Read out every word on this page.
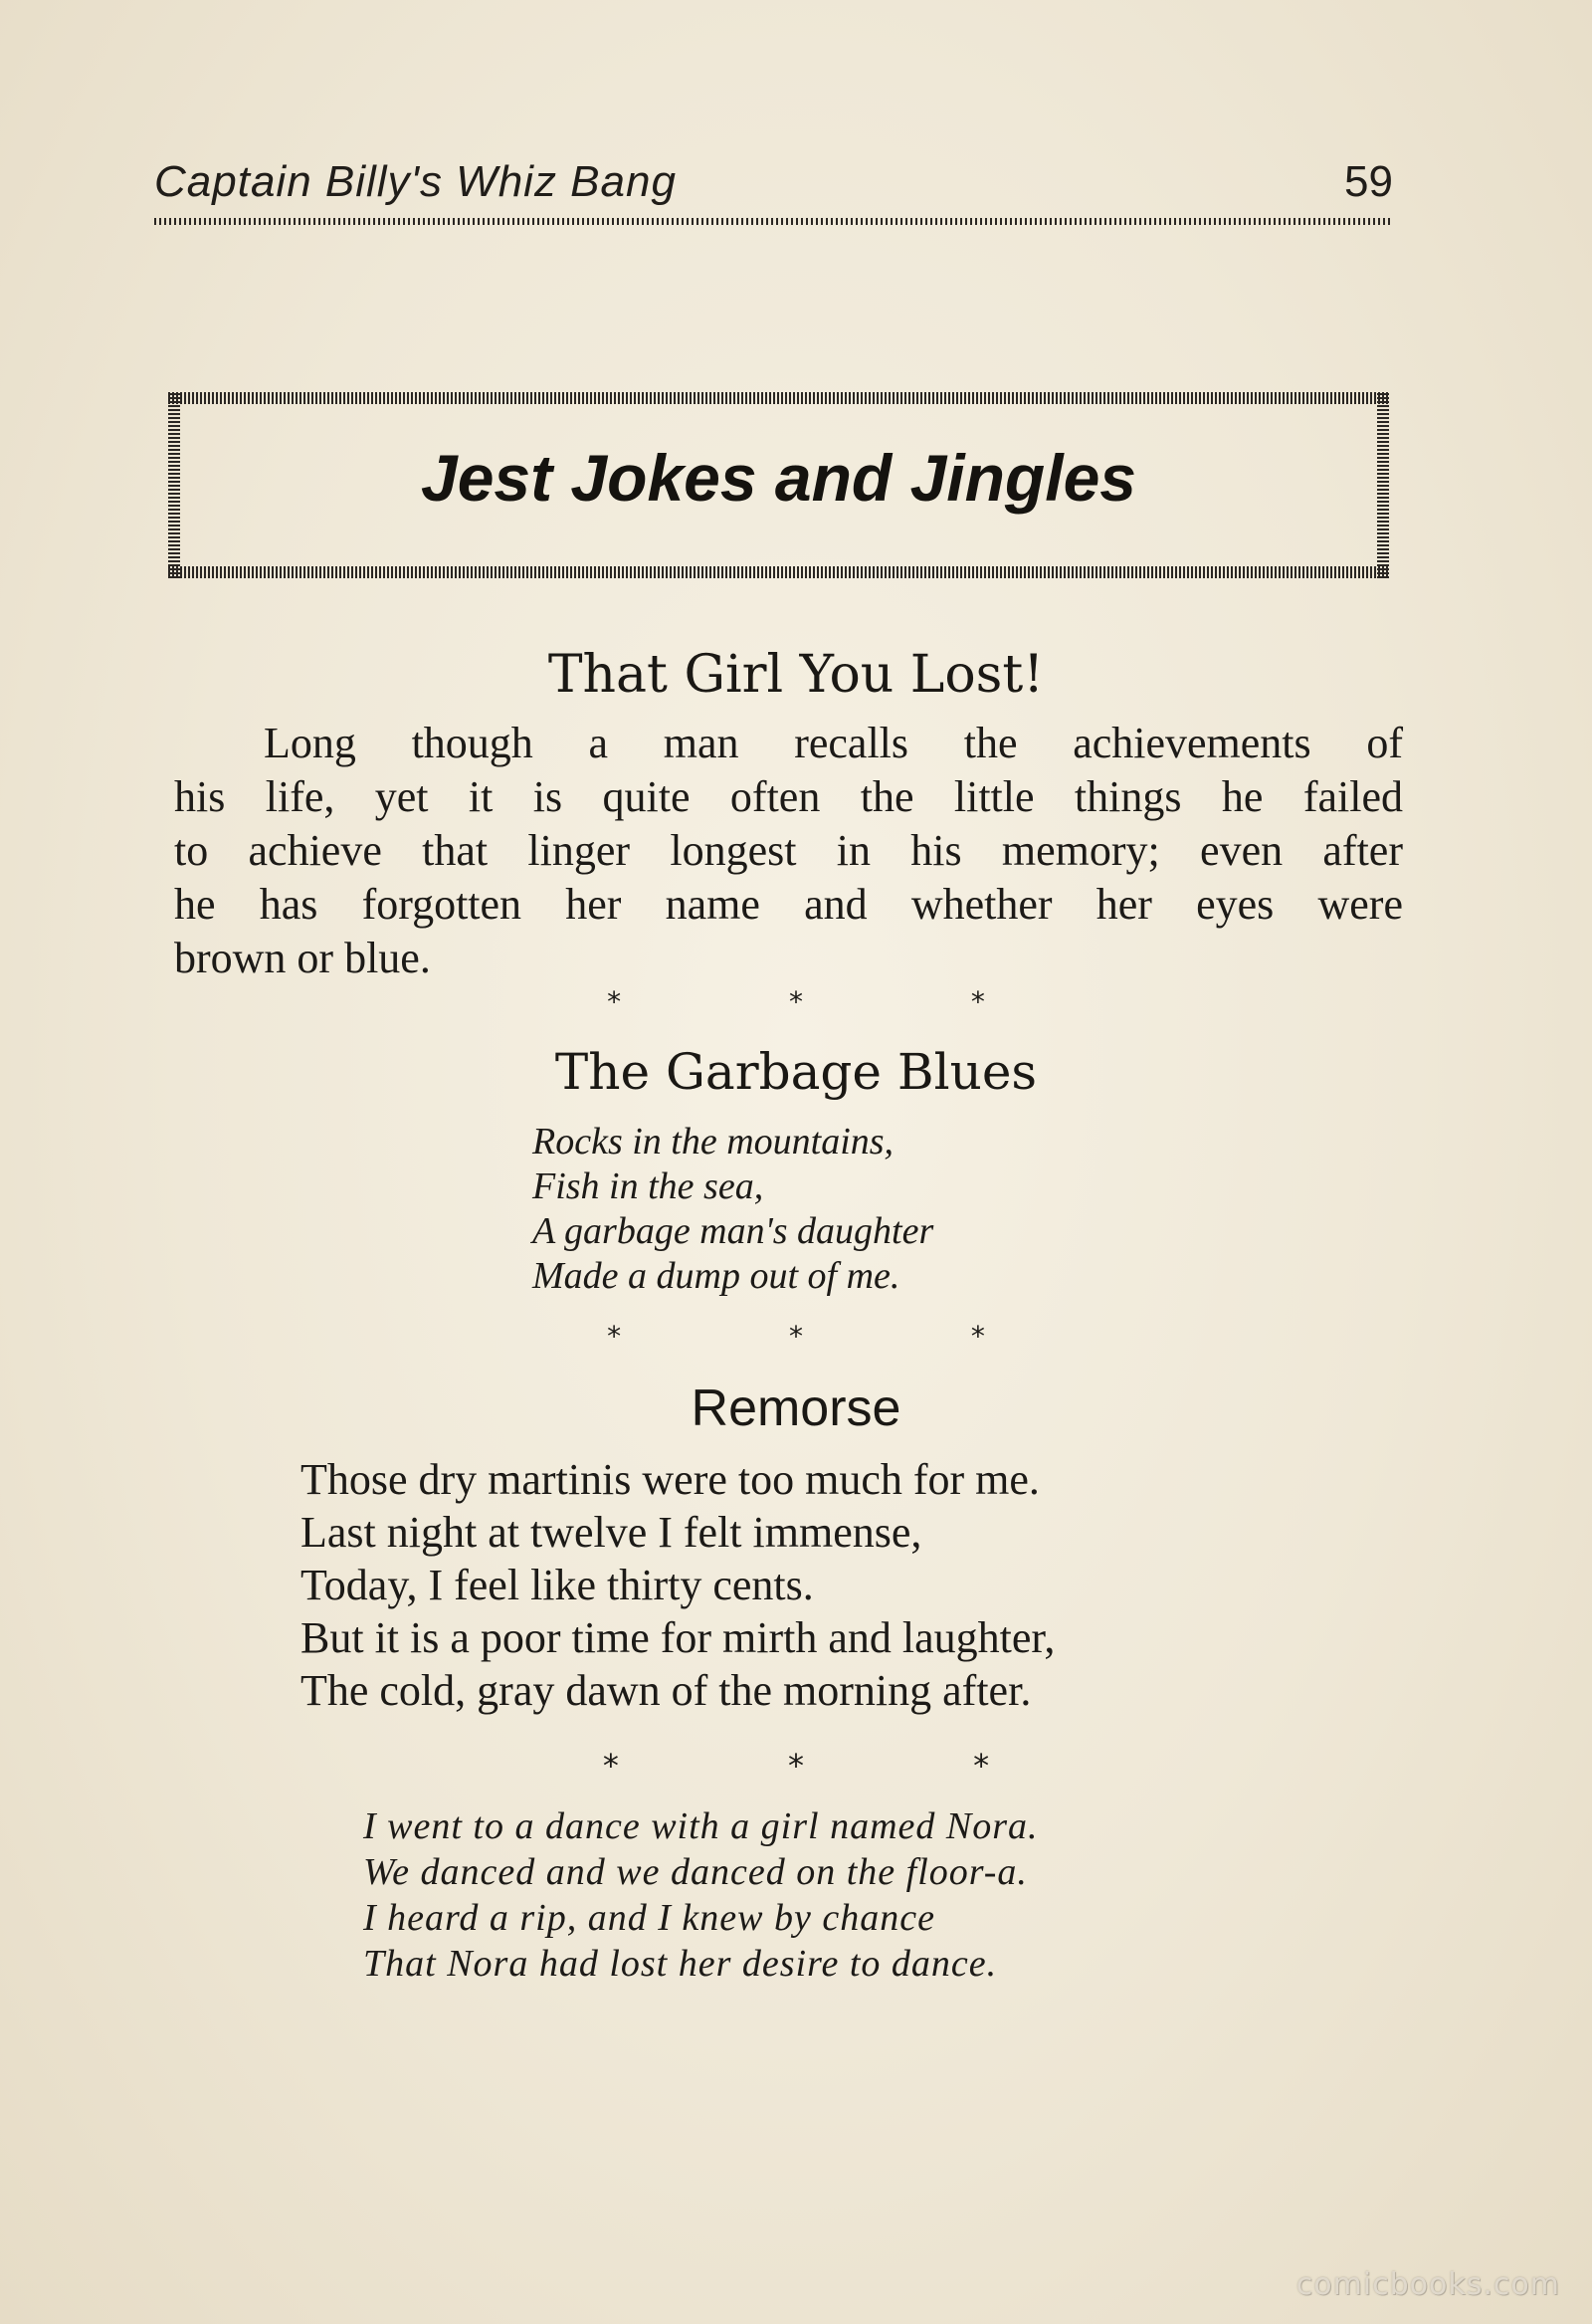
Captain Billy's Whiz Bang	59
Jest Jokes and Jingles
That Girl You Lost!
Long though a man recalls the achievements of
his life, yet it is quite often the little things he failed
to achieve that linger longest in his memory; even after
he has forgotten her name and whether her eyes were
brown or blue.
* * *
The Garbage Blues
Rocks in the mountains,
Fish in the sea,
A garbage man's daughter
Made a dump out of me.
* * *
Remorse
Those dry martinis were too much for me.
Last night at twelve I felt immense,
Today, I feel like thirty cents.
But it is a poor time for mirth and laughter,
The cold, gray dawn of the morning after.
* * *
I went to a dance with a girl named Nora.
We danced and we danced on the floor-a.
I heard a rip, and I knew by chance
That Nora had lost her desire to dance.
comicbooks.com
